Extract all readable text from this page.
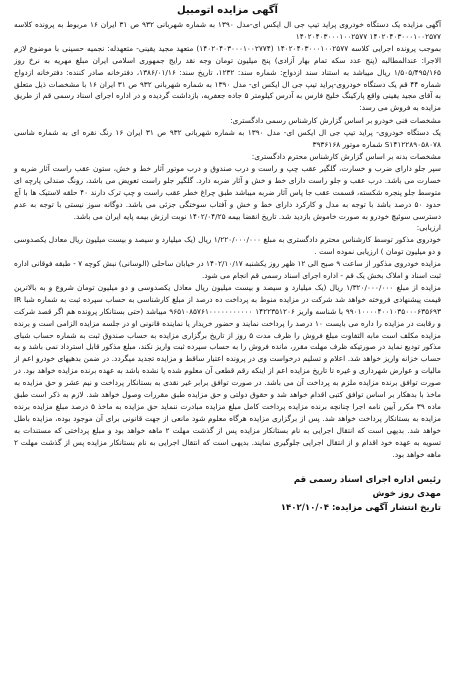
آگهی مزایده اتومبیل

آگهی مزایده یک دستگاه خودروی پراید تیپ جی ال ایکس ای-مدل ۱۳۹۰ به شماره شهربانی ۹۳۲ ص ۳۱ ایران ۱۶ مربوط به پرونده کلاسه ۱۴۰۲۰۴۰۳۰۰۰۱۰۰۲۵۷۷ ۱۴۰۲۰۴۰۳۰۰۰۱۰۰۲۵۷۷

بموجب پرونده اجرایی کلاسه ۱۴۰۲۰۴۰۳۰۰۰۱۰۰۲۵۷۷ (۱۴۰۲۰۴۰۳۰۰۰۱۰۰۲۷۷۴) متعهد مجید یقینی- متعهدله: نجمیه حسینی با موضوع لازم الاجرا: عندالمطالبه (پنج عدد سکه تمام بهار آزادی) پنج میلیون تومان وجه نقد رایج جمهوری اسلامی ایران مبلغ مهریه به نرخ روز ۱/۵۰۵/۴۹۵/۱۶۵ ریال میباشد به استناد سند ازدواج: شماره سند: ۱۲۳۲، تاریخ سند: ۱۳۸۶/۰۱/۱۶، دفترخانه صادر کننده: دفترخانه ازدواج شماره ۴۴ قم یک دستگاه خودروی-پراید تیپ جی ال ایکس ای- مدل ۱۳۹۰ به شماره شهربانی ۹۳۲ ص ۳۱ ایران ۱۶ با مشخصات ذیل متعلق به آقای مجید یقینی واقع پارکینگ خلیج فارس به آدرس کیلومتر ۵ جاده جعفریه، بازداشت گردیده و در اداره اجرای اسناد رسمی قم از طریق مزایده به فروش می رسد:

مشخصات فنی خودرو بر اساس گزارش کارشناس رسمی دادگستری:

یک دستگاه خودروی- پراید تیپ جی ال ایکس ای- مدل ۱۳۹۰ به شماره شهربانی ۹۳۲ ص ۳۱ ایران ۱۶ رنگ نقره ای به شماره شاسی S۱۴۱۲۲۸۹۰۵۸۰۷۸ شماره موتور ۳۹۳۶۱۶۸

مشخصات بدنه بر اساس گزارش کارشناس محترم دادگستری:

سپر جلو دارای ضرب و خسارت، گلگیر عقب چپ و راست و درب صندوق و درب موتور آثار خط و خش، ستون عقب راست آثار ضربه و خسارت می باشد. درب عقب و جلو راست دارای خط و خش و آثار ضربه دارد. گلگیر جلو راست تعویض می باشد، رونگ صندلی پارچه ای متوسط جلو پنجره شکسته، قسمت عقب جا پاس آثار ضربه میباشد طبق چراغ خطر عقب راست و چپ ترک دارند ۴۰ حلقه لاستیک ها با آچ حدود ۵۰ درصد باشد با توجه به مدل و کارکرد دارای خط و خش و آفتاب سوختگی جزئی می باشد. دوگانه سوز نیستی با توجه به عدم دسترسی سوئیچ خودرو به صورت خاموش بازدید شد. تاریخ انقضا بیمه ۱۴۰۲/۰۴/۲۵ نوبت ارزش بیمه پایه ایران می باشد.

ارزیابی:

خودروی مذکور توسط کارشناس محترم دادگستری به مبلغ ۱/۲۲۰/۰۰۰/۰۰۰ ریال (یک میلیارد و سیصد و بیست میلیون ریال معادل یکصدوسی و دو میلیون تومان ) ارزیابی نموده است .

مزایده خودروی مذکور از ساعت ۹ صبح الی ۱۲ ظهر روز یکشنبه ۱۴۰۲/۱۰/۱۷ در خیابان ساحلی (الوسانی) نبش کوچه ۷ - طبقه فوقانی اداره ثبت اسناد و املاک بخش یک قم - اداره اجرای اسناد رسمی قم انجام می شود.

مزایده از مبلغ ۱/۳۲۰/۰۰۰/۰۰۰ ریال (یک میلیارد و سیصد و بیست میلیون ریال معادل یکصدوسی و دو میلیون تومان شروع و به بالاترین قیمت پیشنهادی فروخته خواهد شد شرکت در مزایده منوط به پرداخت ده درصد از مبلغ کارشناسی به حساب سپرده ثبت به شماره شبا IR ۹۹۰۱۰۰۰۰۴۰۰۱۰۳۵۰۰۰۶۳۵۶۹۳ با شناسه واریز ۱۴۲۲۳۵۱۲۰۶ ۹۶۵۱۰۸۵۷۶۱۰۰۰۰۰۰۰۰۰۰۰ میباشد (حتی بستانکار پرونده هم اگر قصد شرکت و رقابت در مزایده را داره می بایست ۱۰ درصد را پرداخت نمایند و حضور خریدار یا نماینده قانونی او در جلسه مزایده الزامی است و برنده مزایده مکلف است مابه التفاوت مبلغ فروش را ظرف مدت ۵ روز از تاریخ برگزاری مزایده به حساب صندوق ثبت به شماره حساب شبای مذکور تودیع نماید در صورتیکه ظرف مهلت مقرر، مانده فروش را به حساب سپرده ثبت واریز نکند، مبلغ مذکور قابل استرداد نمی باشد و به حساب خزانه واریز خواهد شد. اعلام و تسلیم درخواست وی در پرونده اعتبار ساقط و مزایده تجدید میگردد. در ضمن بدهیهای خودرو اعم از مالیات و عوارض شهرداری و غیره تا تاریخ مزایده اعم از اینکه رقم قطعی آن معلوم شده یا نشده باشد به عهده برنده مزایده خواهد بود. در صورت توافق برنده مزایده ملزم به پرداخت آن می باشد. در صورت توافق برابر غیر نقدی به بستانکار پرداخت و نیم عشر و حق مزایده به ماخذ با بدهکار بر اساس توافق کتبی اقدام خواهد شد و حقوق دولتی و حق مزایده طبق مقررات وصول خواهد شد. لازم به ذکر است طبق ماده ۳۹ مکرر آیین نامه اجرا چنانچه برنده مزایده پرداخت کامل مبلغ مزایده مبادرت ننماید حق مزایده به ماخذ ۵ درصد مبلغ مزایده برنده مزایده به بستانکار پرداخت خواهد شد. پس از برگزاری مزایده هرگاه معلوم شود مانعی از جهت قانونی برای آن موجود بوده، مزایده باطل خواهد شد. بدیهی است که انتقال اجرایی به نام بستانکار مزایده پس از گذشت مهلت ۲ ماهه خواهد بود و مبلغ پرداختی که مستندات به تسویه به عهده خود اقدام و از انتقال اجرایی جلوگیری نمایند. بدیهی است که انتقال اجرایی به نام بستانکار مزایده پس از گذشت مهلت ۲ ماهه خواهد بود.

رئیس اداره اجرای اسناد رسمی قم
مهدی روز خوش
تاریخ انتشار آگهی مزایده: ۱۴۰۲/۱۰/۰۴
